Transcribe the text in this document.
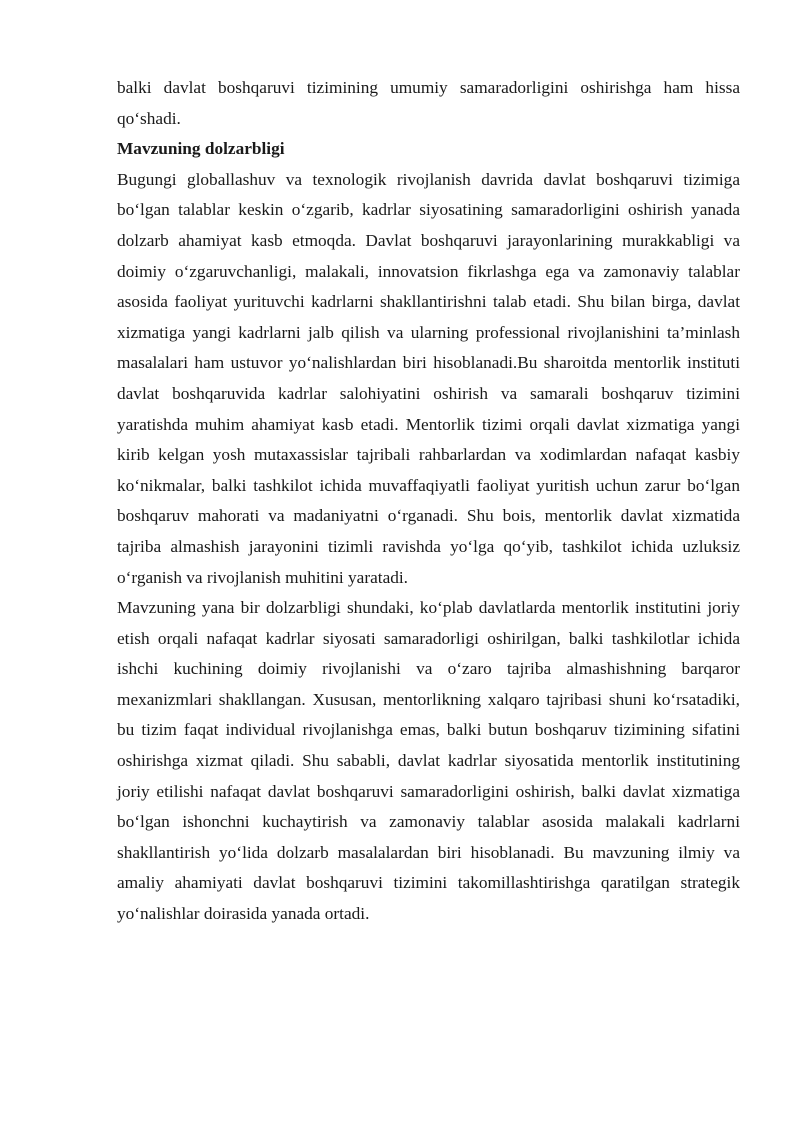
balki davlat boshqaruvi tizimining umumiy samaradorligini oshirishga ham hissa qo‘shadi.

Mavzuning dolzarbligi

Bugungi globallashuv va texnologik rivojlanish davrida davlat boshqaruvi tizimiga bo‘lgan talablar keskin o‘zgarib, kadrlar siyosatining samaradorligini oshirish yanada dolzarb ahamiyat kasb etmoqda. Davlat boshqaruvi jarayonlarining murakkabligi va doimiy o‘zgaruvchanligi, malakali, innovatsion fikrlashga ega va zamonaviy talablar asosida faoliyat yurituvchi kadrlarni shakllantirishni talab etadi. Shu bilan birga, davlat xizmatiga yangi kadrlarni jalb qilish va ularning professional rivojlanishini ta’minlash masalalari ham ustuvor yo‘nalishlardan biri hisoblanadi.Bu sharoitda mentorlik instituti davlat boshqaruvida kadrlar salohiyatini oshirish va samarali boshqaruv tizimini yaratishda muhim ahamiyat kasb etadi. Mentorlik tizimi orqali davlat xizmatiga yangi kirib kelgan yosh mutaxassislar tajribali rahbarlardan va xodimlardan nafaqat kasbiy ko‘nikmalar, balki tashkilot ichida muvaffaqiyatli faoliyat yuritish uchun zarur bo‘lgan boshqaruv mahorati va madaniyatni o‘rganadi. Shu bois, mentorlik davlat xizmatida tajriba almashish jarayonini tizimli ravishda yo‘lga qo‘yib, tashkilot ichida uzluksiz o‘rganish va rivojlanish muhitini yaratadi.

Mavzuning yana bir dolzarbligi shundaki, ko‘plab davlatlarda mentorlik institutini joriy etish orqali nafaqat kadrlar siyosati samaradorligi oshirilgan, balki tashkilotlar ichida ishchi kuchining doimiy rivojlanishi va o‘zaro tajriba almashishning barqaror mexanizmlari shakllangan. Xususan, mentorlikning xalqaro tajribasi shuni ko‘rsatadiki, bu tizim faqat individual rivojlanishga emas, balki butun boshqaruv tizimining sifatini oshirishga xizmat qiladi. Shu sababli, davlat kadrlar siyosatida mentorlik institutining joriy etilishi nafaqat davlat boshqaruvi samaradorligini oshirish, balki davlat xizmatiga bo‘lgan ishonchni kuchaytirish va zamonaviy talablar asosida malakali kadrlarni shakllantirish yo‘lida dolzarb masalalardan biri hisoblanadi. Bu mavzuning ilmiy va amaliy ahamiyati davlat boshqaruvi tizimini takomillashtirishga qaratilgan strategik yo‘nalishlar doirasida yanada ortadi.
